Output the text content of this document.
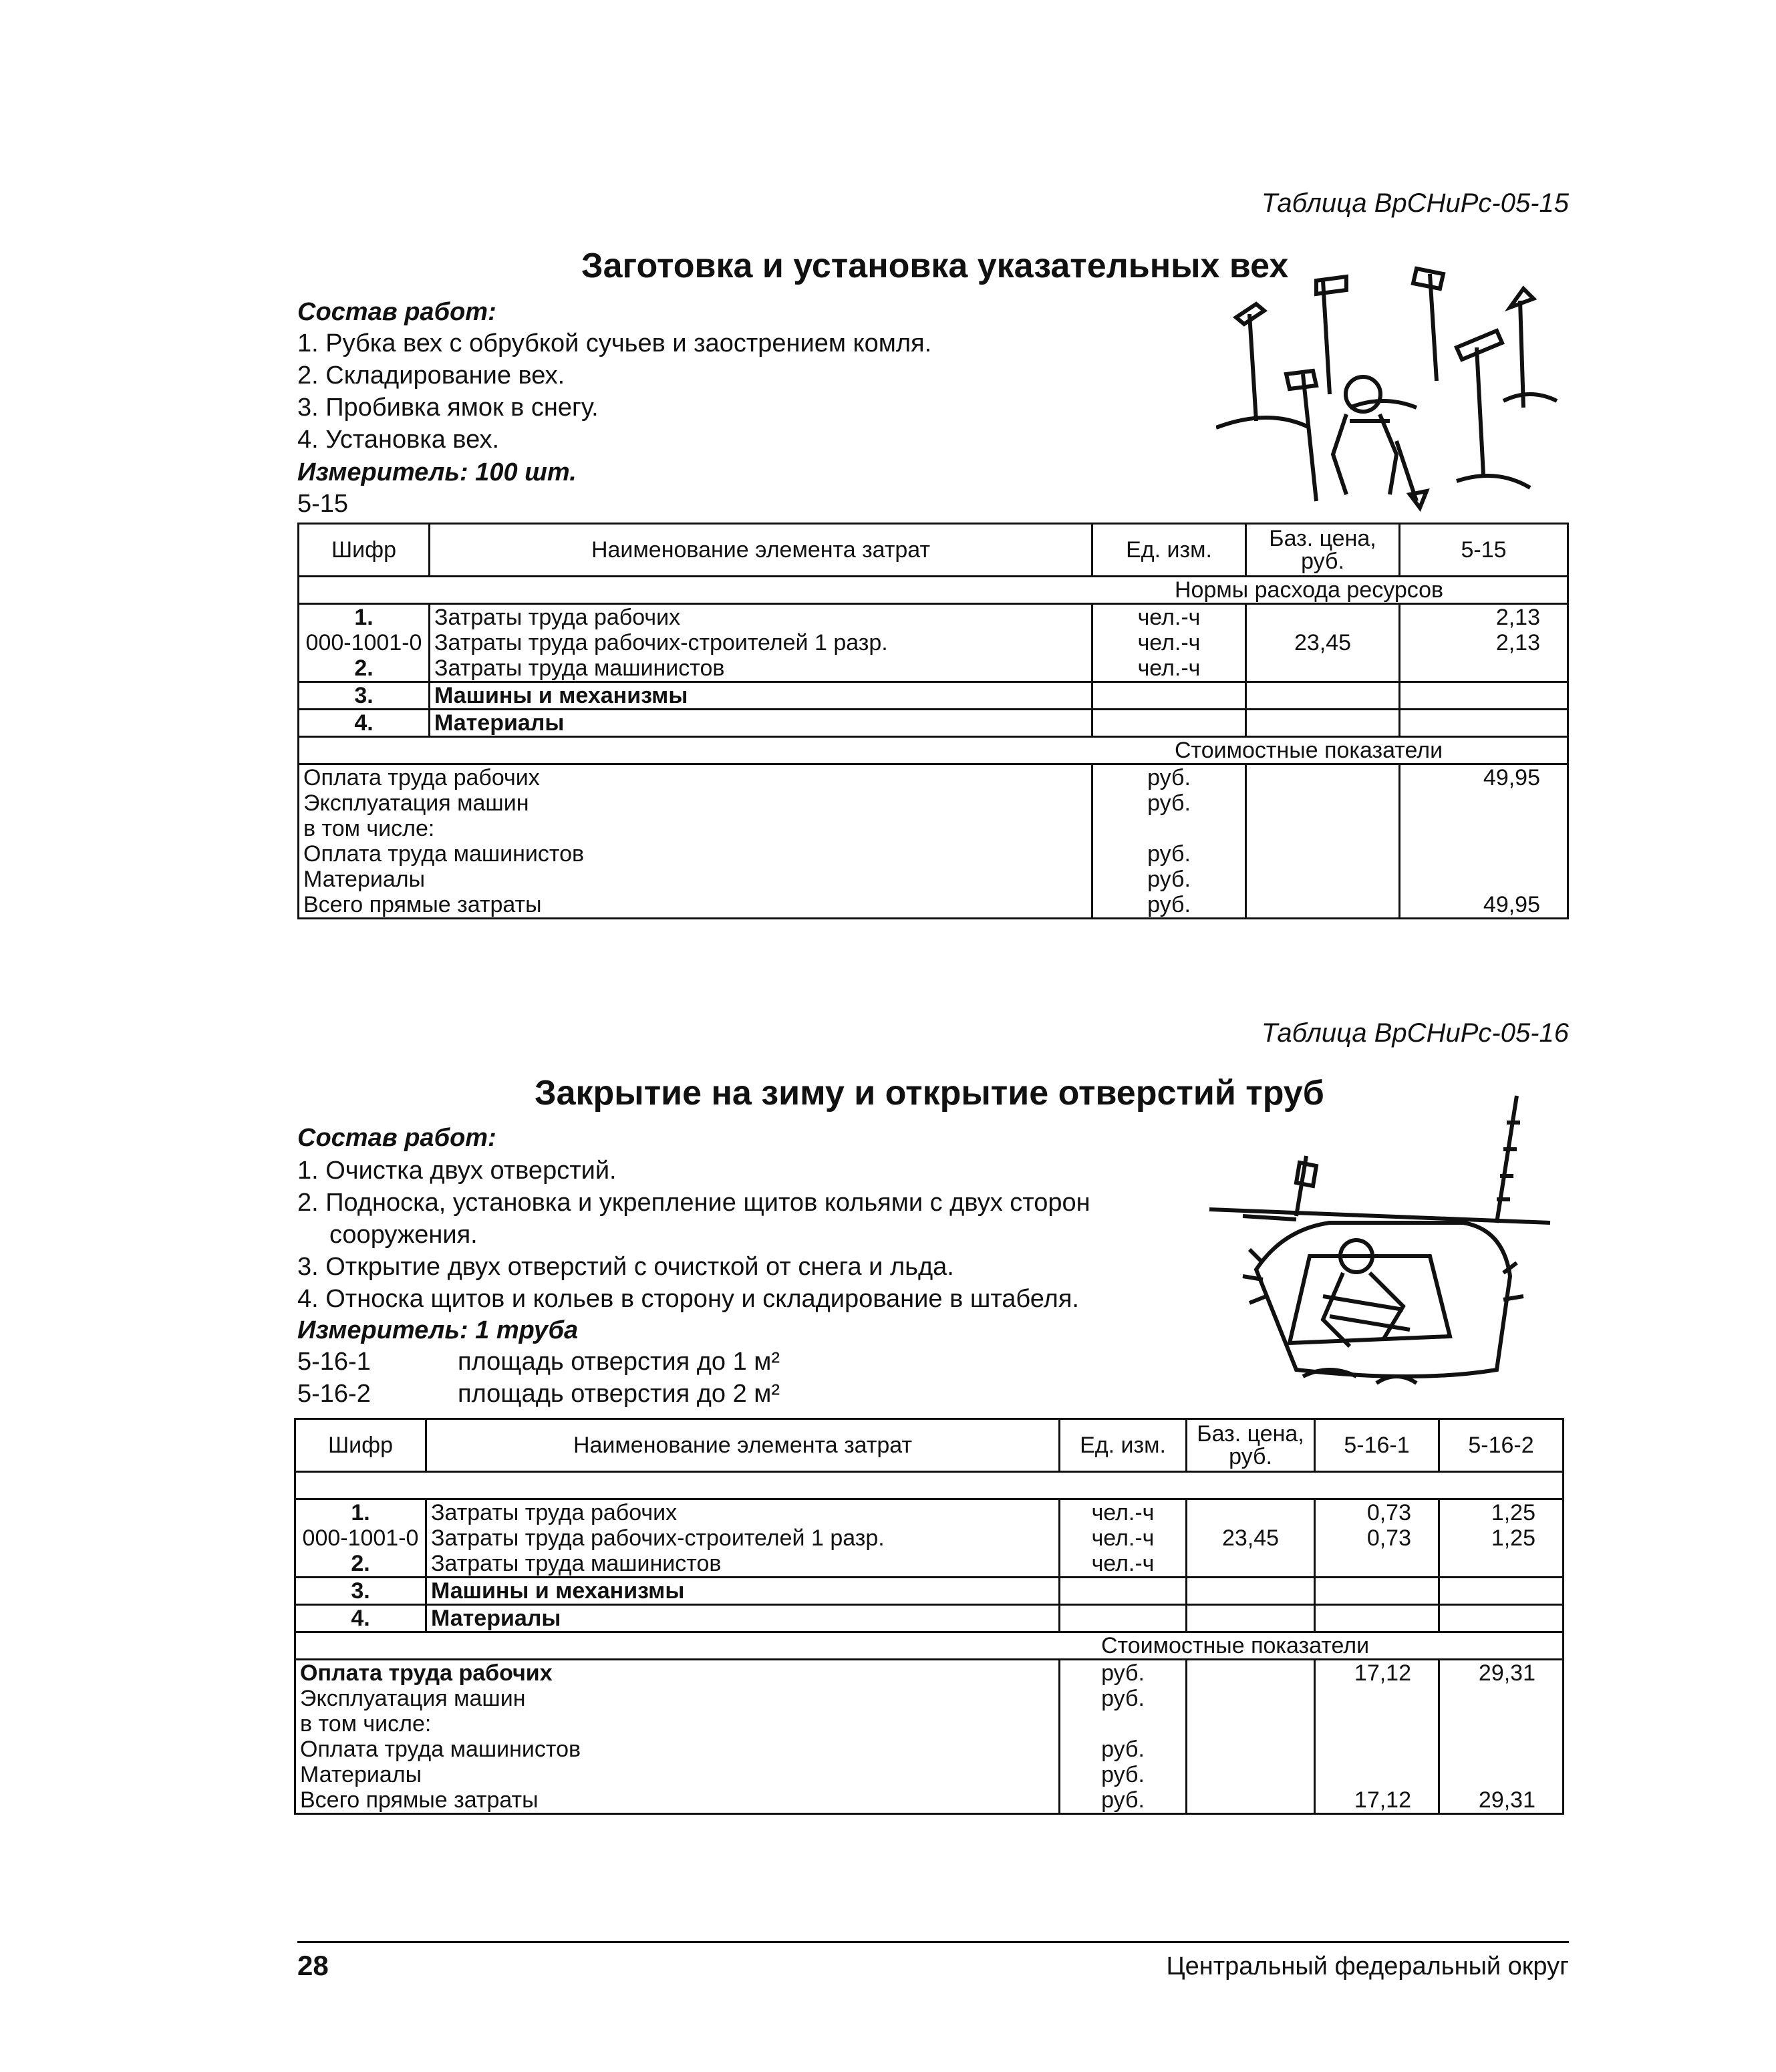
Таблица ВрСНиРс-05-15
Заготовка и установка указательных вех
Состав работ:
1. Рубка вех с обрубкой сучьев и заострением комля.
2. Складирование вех.
3. Пробивка ямок в снегу.
4. Установка вех.
Измеритель: 100 шт.
5-15
Шифр	Наименование элемента затрат	Ед. изм.	Баз. цена, руб.	5-15
Нормы расхода ресурсов				
1.	Затраты труда рабочих	чел.-ч		2,13
000-1001-0	Затраты труда рабочих-строителей 1 разр.	чел.-ч	23,45	2,13
2.	Затраты труда машинистов	чел.-ч		
3.	Машины и механизмы			
4.	Материалы			
Стоимостные показатели				
Оплата труда рабочих		руб.		49,95
Эксплуатация машин		руб.		
в том числе:				
Оплата труда машинистов		руб.		
Материалы		руб.		
Всего прямые затраты		руб.		49,95
Таблица ВрСНиРс-05-16
Закрытие на зиму и открытие отверстий труб
Состав работ:
1. Очистка двух отверстий.
2. Подноска, установка и укрепление щитов кольями с двух сторон
сооружения.
3. Открытие двух отверстий с очисткой от снега и льда.
4. Относка щитов и кольев в сторону и складирование в штабеля.
Измеритель: 1 труба
5-16-1	площадь отверстия до 1 м²
5-16-2	площадь отверстия до 2 м²
Шифр	Наименование элемента затрат	Ед. изм.	Баз. цена, руб.	5-16-1	5-16-2

1.	Затраты труда рабочих	чел.-ч		0,73	1,25
000-1001-0	Затраты труда рабочих-строителей 1 разр.	чел.-ч	23,45	0,73	1,25
2.	Затраты труда машинистов	чел.-ч			
3.	Машины и механизмы				
4.	Материалы				
Стоимостные показатели					
Оплата труда рабочих		руб.		17,12	29,31
Эксплуатация машин		руб.			
в том числе:					
Оплата труда машинистов		руб.			
Материалы		руб.			
Всего прямые затраты		руб.		17,12	29,31
28	Центральный федеральный округ
